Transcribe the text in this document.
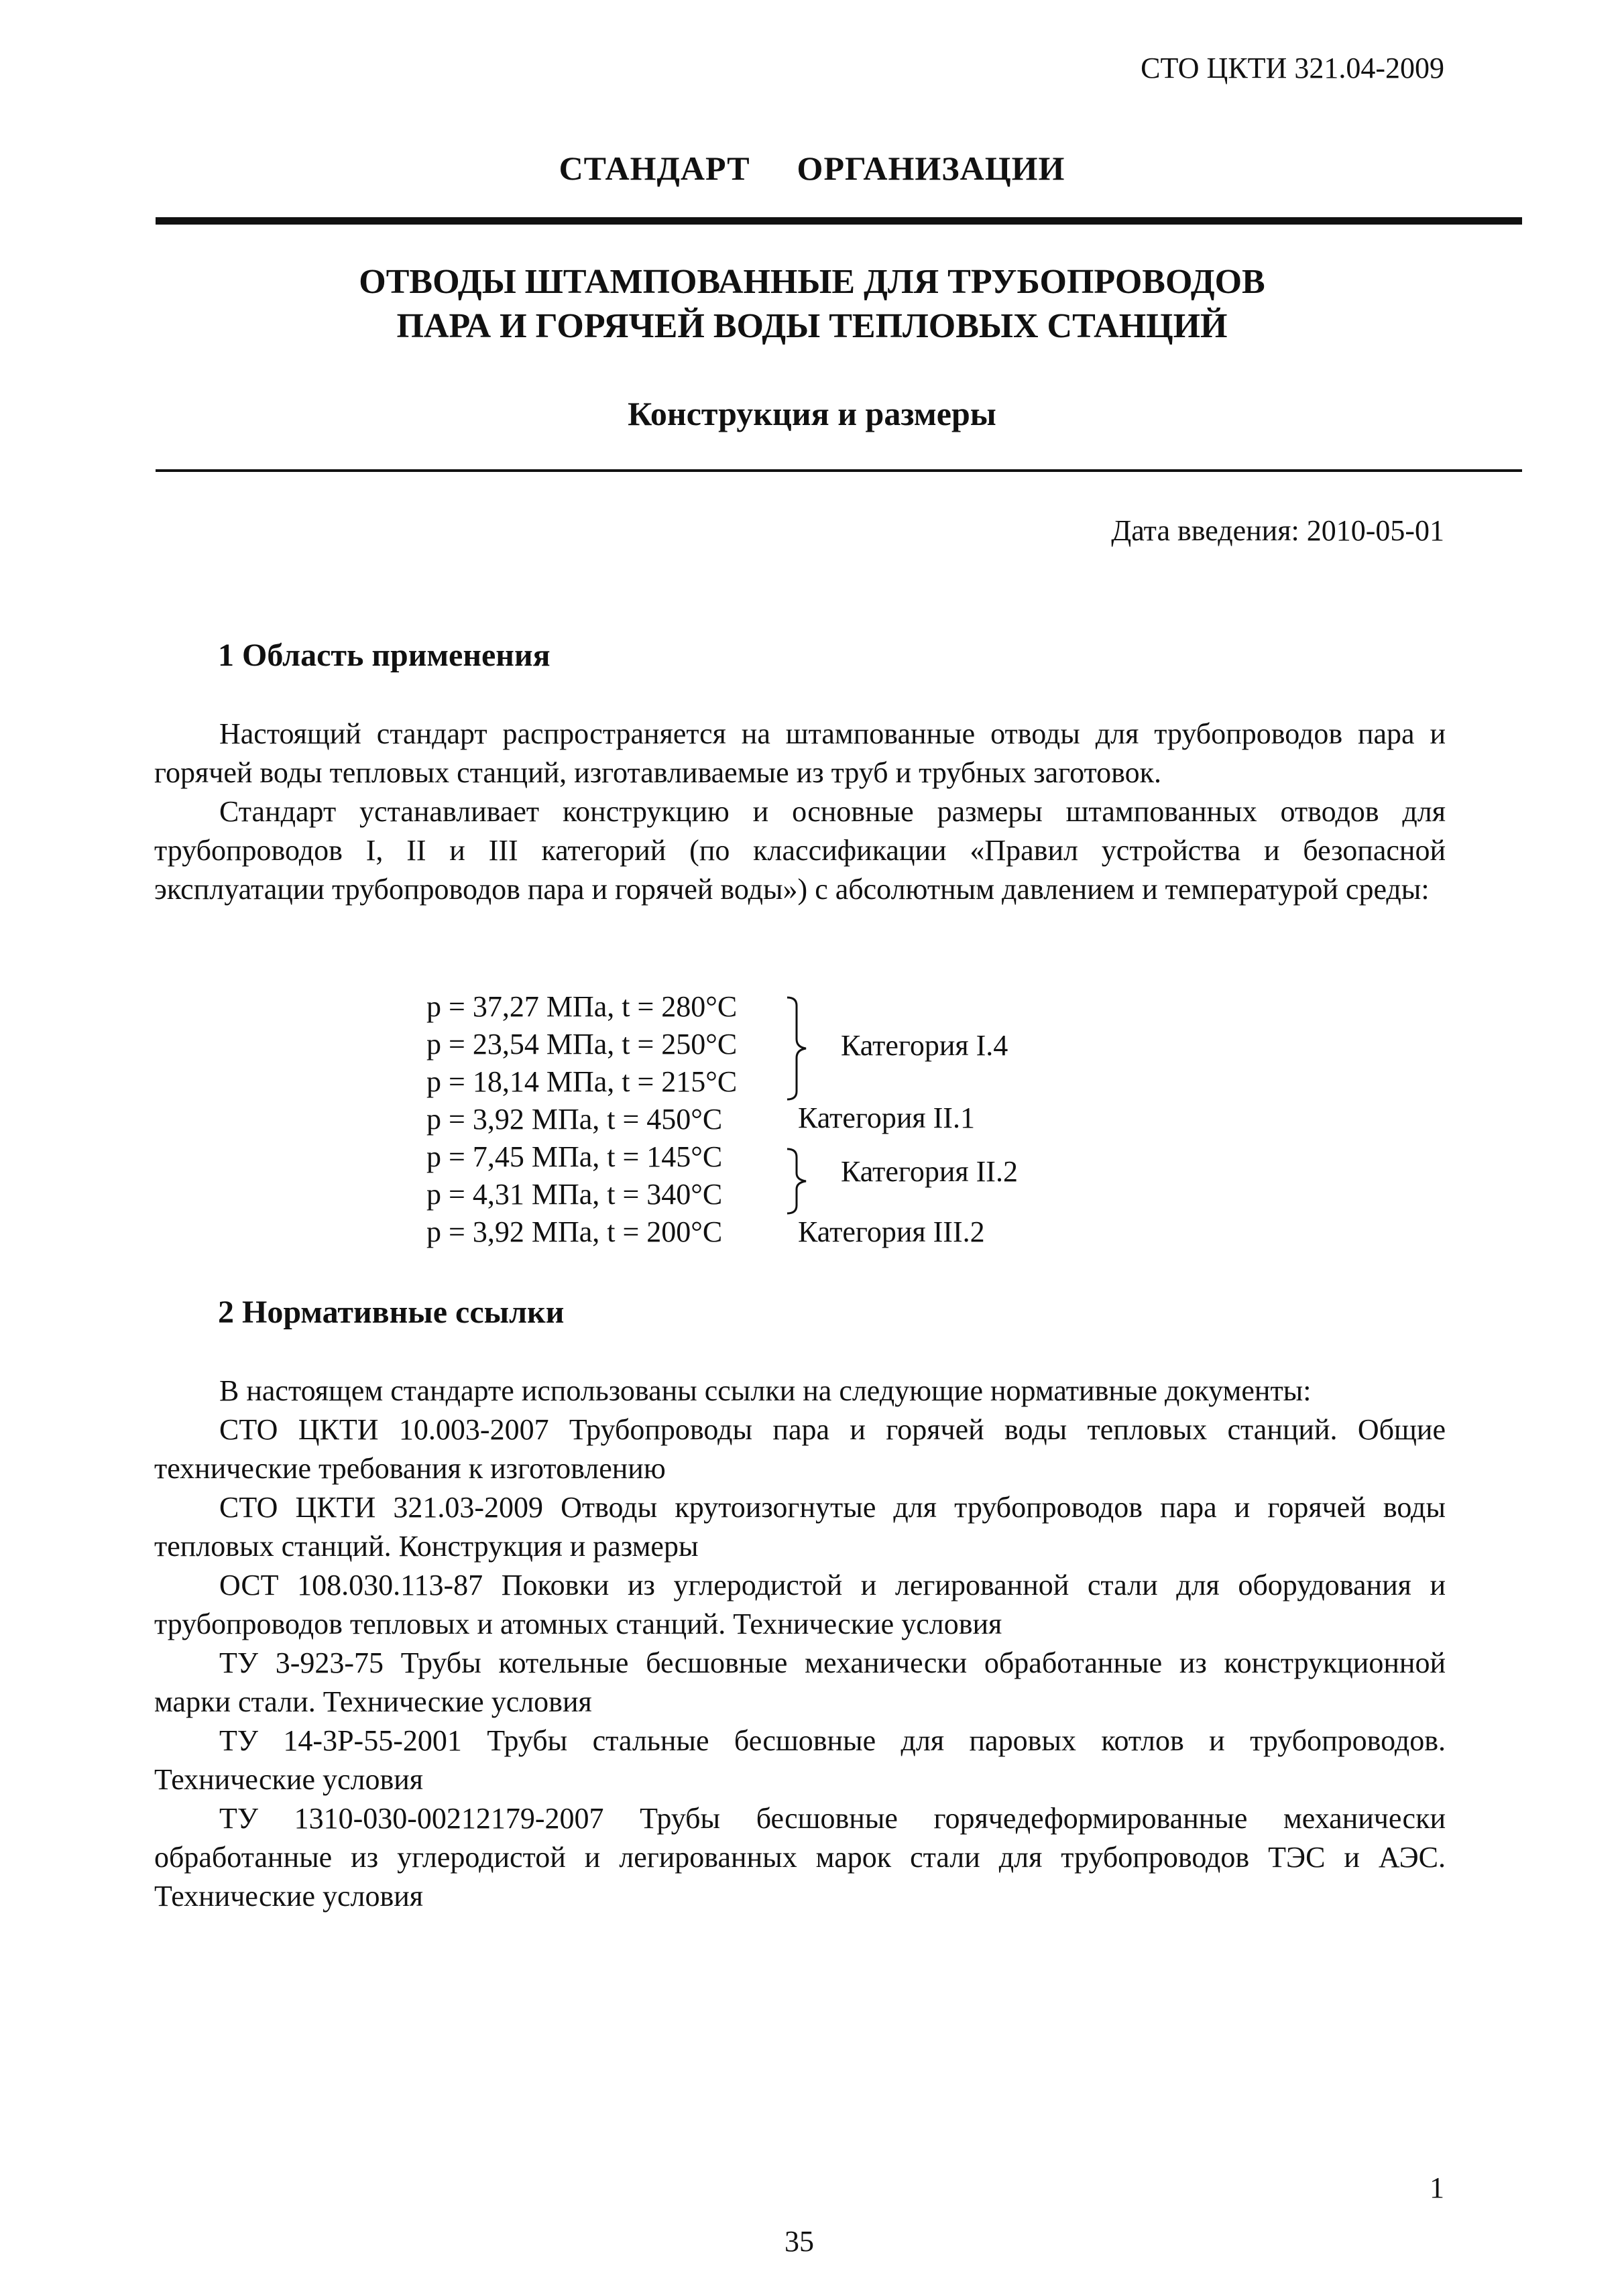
СТО ЦКТИ 321.04-2009
СТАНДАРТ ОРГАНИЗАЦИИ
ОТВОДЫ ШТАМПОВАННЫЕ ДЛЯ ТРУБОПРОВОДОВ
ПАРА И ГОРЯЧЕЙ ВОДЫ ТЕПЛОВЫХ СТАНЦИЙ
Конструкция и размеры
Дата введения: 2010-05-01
1 Область применения

Настоящий стандарт распространяется на штампованные отводы для трубопроводов пара и горячей воды тепловых станций, изготавливаемые из труб и трубных заготовок.

Стандарт устанавливает конструкцию и основные размеры штампованных отводов для трубопроводов I, II и III категорий (по классификации «Правил устройства и безопасной эксплуатации трубопроводов пара и горячей воды») с абсолютным давлением и температурой среды:

p = 37,27 МПа, t = 280°C
p = 23,54 МПа, t = 250°C
p = 18,14 МПа, t = 215°C
p = 3,92 МПа, t = 450°C
p = 7,45 МПа, t = 145°C
p = 4,31 МПа, t = 340°C
p = 3,92 МПа, t = 200°C
Категория I.4
Категория II.1
Категория II.2
Категория III.2
2 Нормативные ссылки

В настоящем стандарте использованы ссылки на следующие нормативные документы:

СТО ЦКТИ 10.003-2007 Трубопроводы пара и горячей воды тепловых станций. Общие технические требования к изготовлению

СТО ЦКТИ 321.03-2009 Отводы крутоизогнутые для трубопроводов пара и горячей воды тепловых станций. Конструкция и размеры

ОСТ 108.030.113-87 Поковки из углеродистой и легированной стали для оборудования и трубопроводов тепловых и атомных станций. Технические условия

ТУ 3-923-75 Трубы котельные бесшовные механически обработанные из конструкционной марки стали. Технические условия

ТУ 14-3Р-55-2001 Трубы стальные бесшовные для паровых котлов и трубопроводов. Технические условия

ТУ 1310-030-00212179-2007 Трубы бесшовные горячедеформированные механически обработанные из углеродистой и легированных марок стали для трубопроводов ТЭС и АЭС. Технические условия

1
35
